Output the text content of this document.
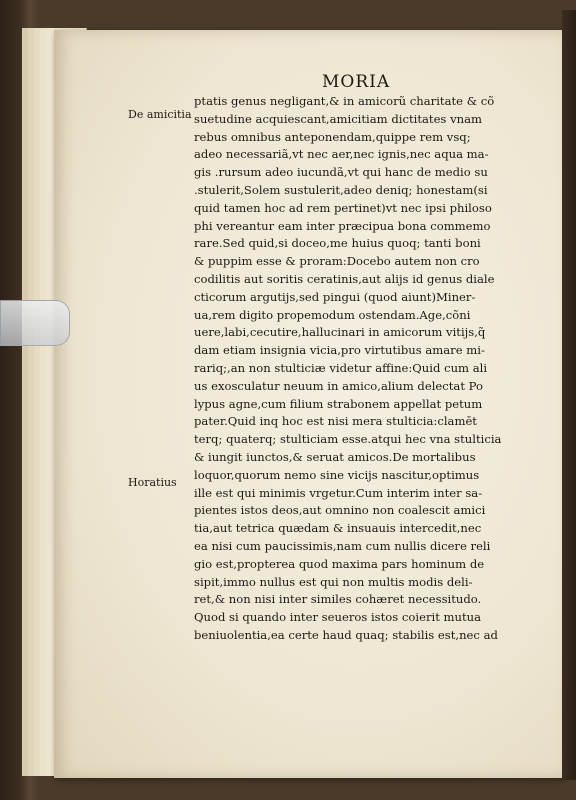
MORIA
De amicitia
Horatius
ptatis genus negligant,& in amicorũ charitate & cõ
suetudine acquiescant,amicitiam dictitates vnam
rebus omnibus anteponendam,quippe rem vsq;
adeo necessariã,vt nec aer,nec ignis,nec aqua ma-
gis .rursum adeo iucundã,vt qui hanc de medio su
.stulerit,Solem sustulerit,adeo deniq; honestam(si
quid tamen hoc ad rem pertinet)vt nec ipsi philoso
phi vereantur eam inter præcipua bona commemo
rare.Sed quid,si doceo,me huius quoq; tanti boni
& puppim esse & proram:Docebo autem non cro
codilitis aut soritis ceratinis,aut alijs id genus diale
cticorum argutijs,sed pingui (quod aiunt)Miner-
ua,rem digito propemodum ostendam.Age,cõni
uere,labi,cecutire,hallucinari in amicorum vitijs,q̃
dam etiam insignia vicia,pro virtutibus amare mi-
rariq;,an non stulticiæ videtur affine:Quid cum ali
us exosculatur neuum in amico,alium delectat Po
lypus agne,cum filium strabonem appellat petum
pater.Quid inq hoc est nisi mera stulticia:clamēt
terq; quaterq; stulticiam esse.atqui hec vna stulticia
& iungit iunctos,& seruat amicos.De mortalibus
loquor,quorum nemo sine vicijs nascitur,optimus
ille est qui minimis vrgetur.Cum interim inter sa-
pientes istos deos,aut omnino non coalescit amici
tia,aut tetrica quædam & insuauis intercedit,nec
ea nisi cum paucissimis,nam cum nullis dicere reli
gio est,propterea quod maxima pars hominum de
sipit,immo nullus est qui non multis modis deli-
ret,& non nisi inter similes cohæret necessitudo.
Quod si quando inter seueros istos coierit mutua
beniuolentia,ea certe haud quaq; stabilis est,nec ad
